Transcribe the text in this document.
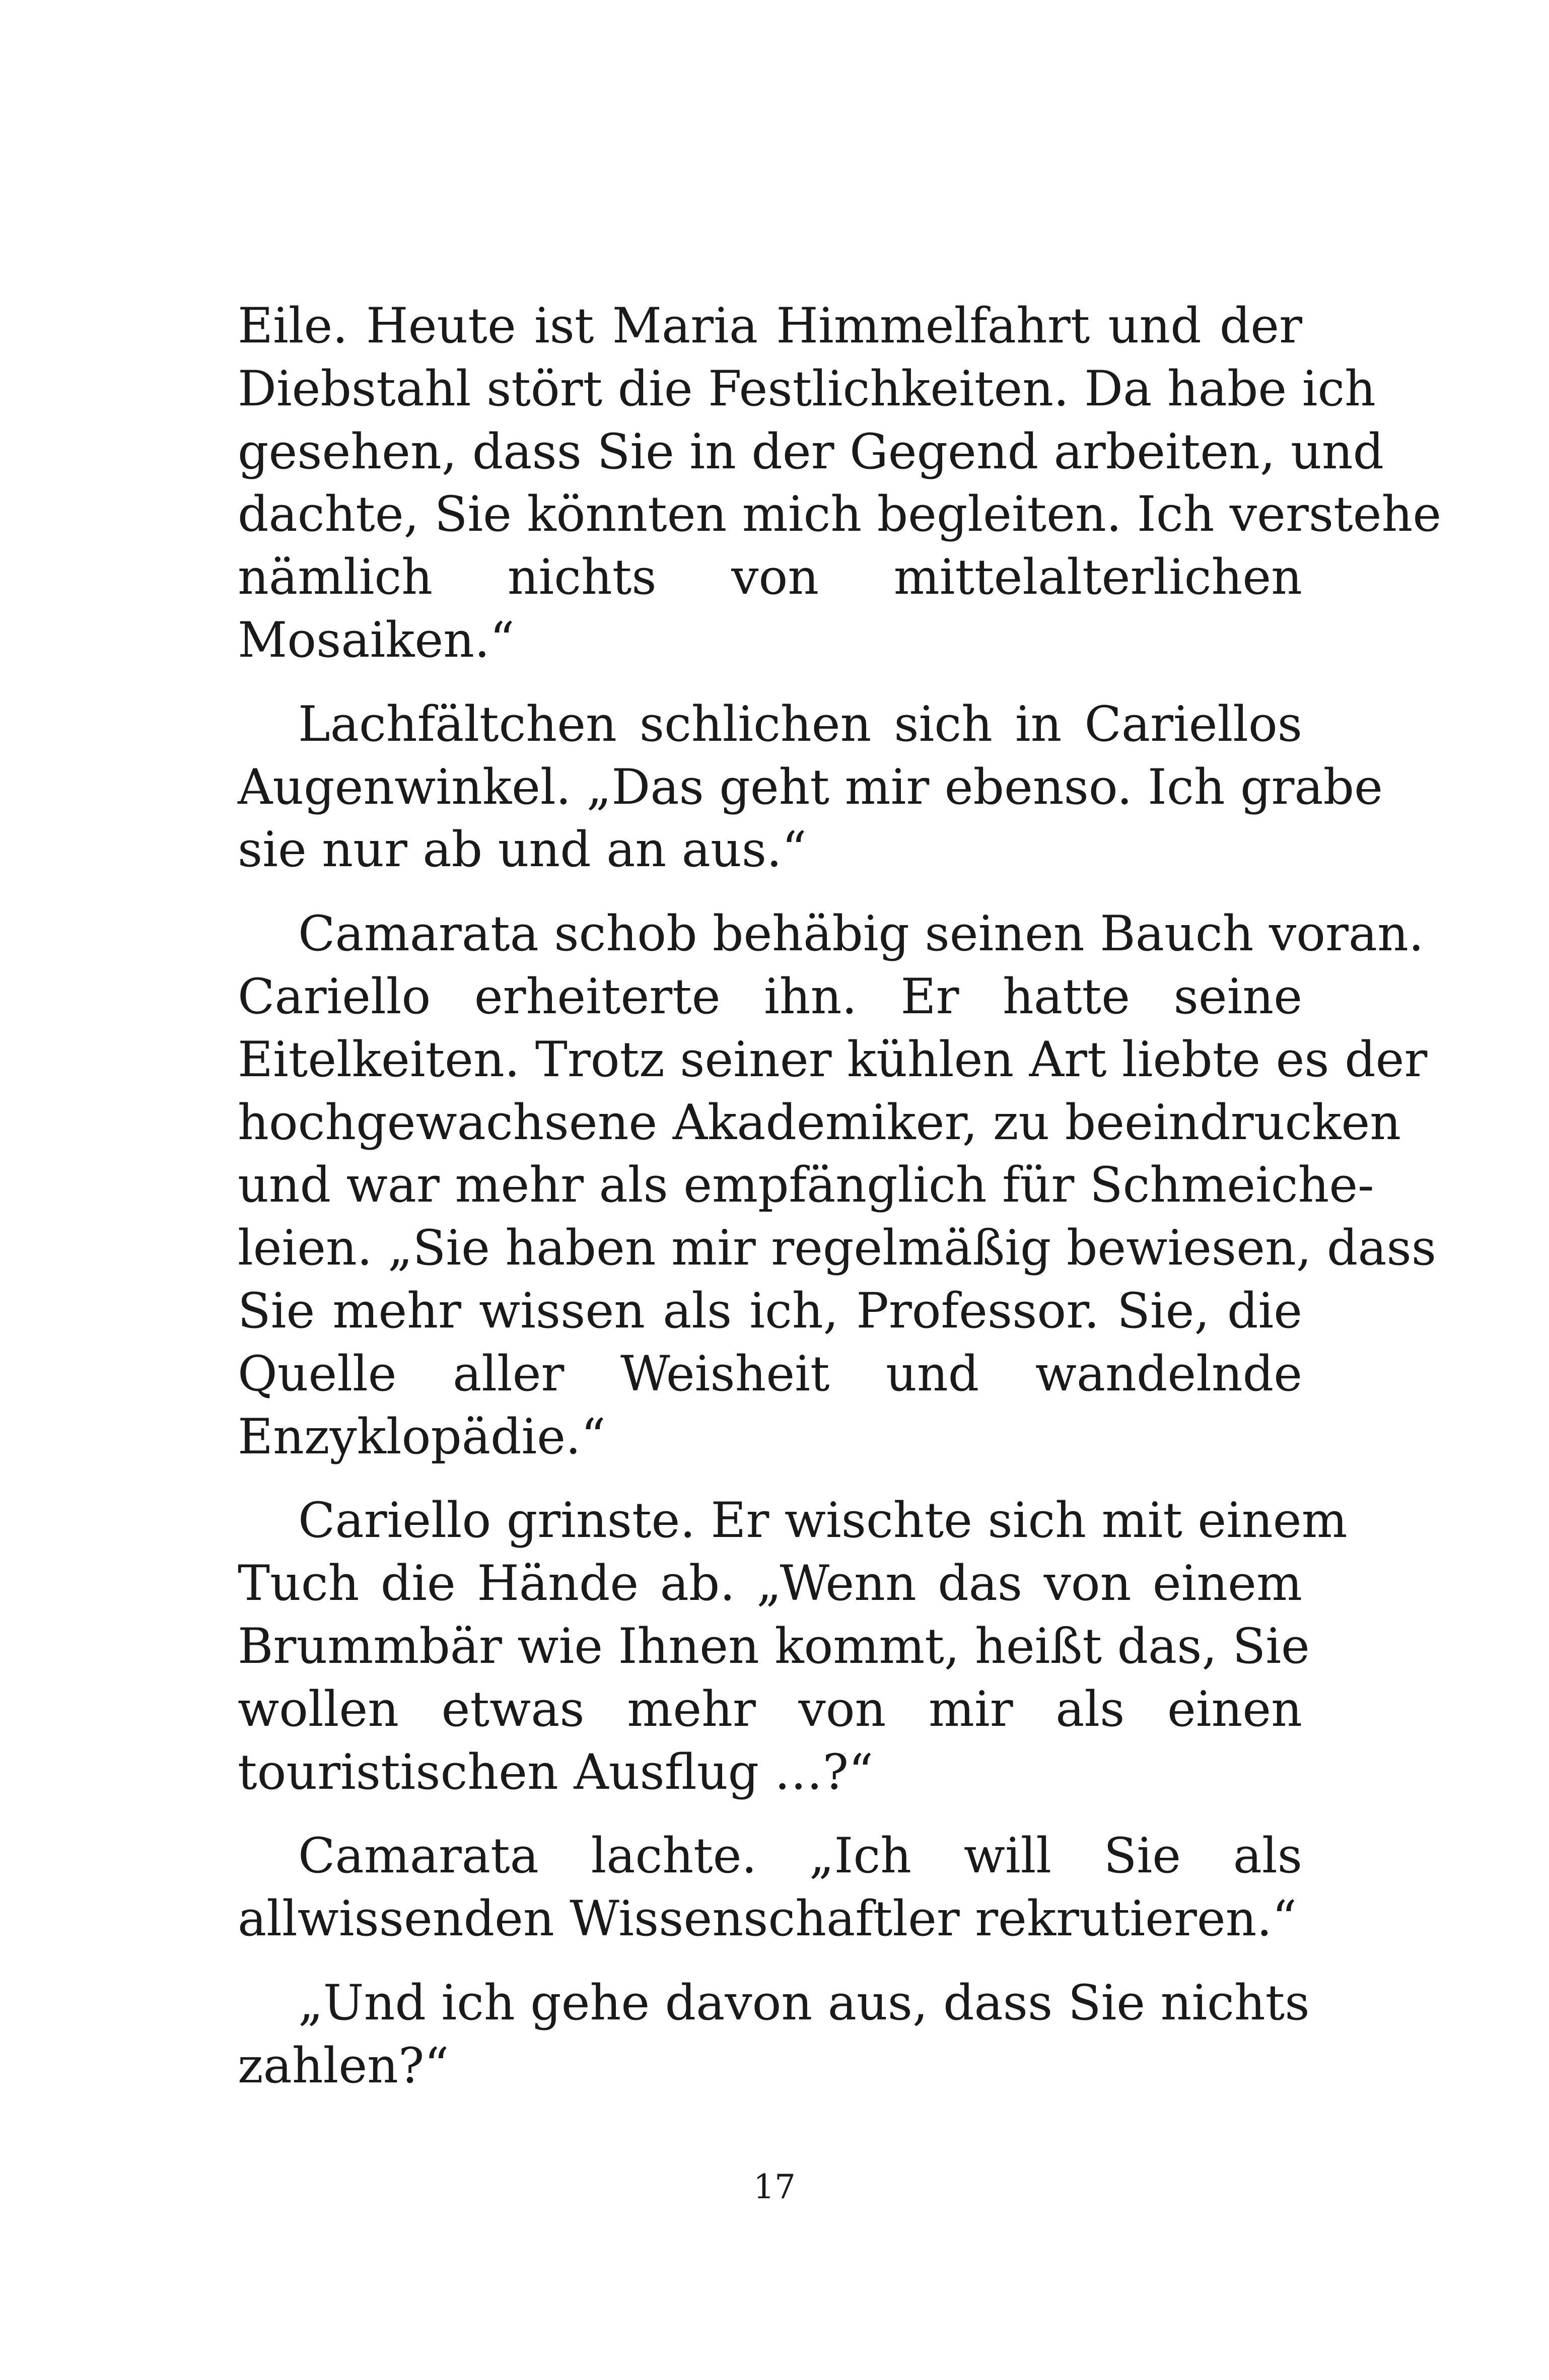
Eile. Heute ist Maria Himmelfahrt und der
Diebstahl stört die Festlichkeiten. Da habe ich
gesehen, dass Sie in der Gegend arbeiten, und
dachte, Sie könnten mich begleiten. Ich verstehe
nämlich nichts von mittelalterlichen
Mosaiken.“
Lachfältchen schlichen sich in Cariellos
Augenwinkel. „Das geht mir ebenso. Ich grabe
sie nur ab und an aus.“
Camarata schob behäbig seinen Bauch voran.
Cariello erheiterte ihn. Er hatte seine
Eitelkeiten. Trotz seiner kühlen Art liebte es der
hochgewachsene Akademiker, zu beeindrucken
und war mehr als empfänglich für Schmeiche-
leien. „Sie haben mir regelmäßig bewiesen, dass
Sie mehr wissen als ich, Professor. Sie, die
Quelle aller Weisheit und wandelnde
Enzyklopädie.“
Cariello grinste. Er wischte sich mit einem
Tuch die Hände ab. „Wenn das von einem
Brummbär wie Ihnen kommt, heißt das, Sie
wollen etwas mehr von mir als einen
touristischen Ausflug …?“
Camarata lachte. „Ich will Sie als
allwissenden Wissenschaftler rekrutieren.“
„Und ich gehe davon aus, dass Sie nichts
zahlen?“
17
